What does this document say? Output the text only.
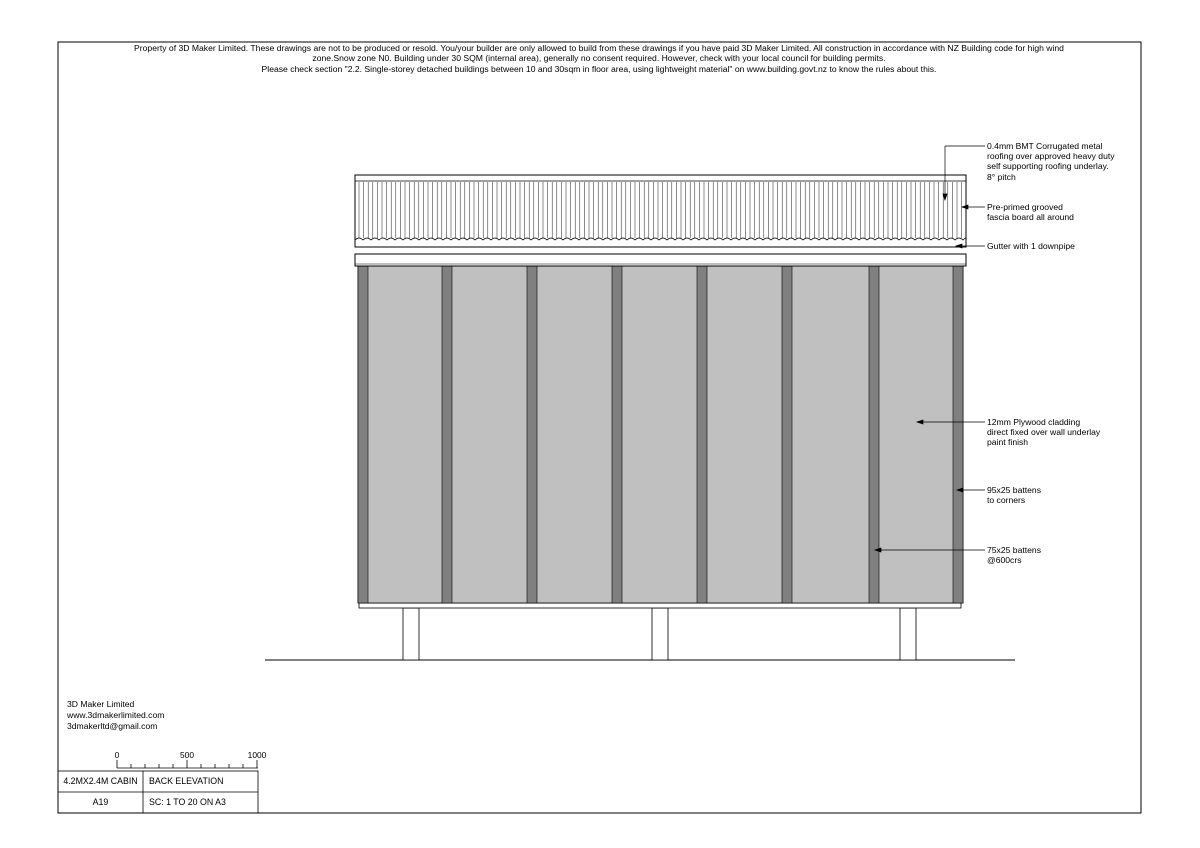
Property of 3D Maker Limited. These drawings are not to be produced or resold. You/your builder are only allowed to build from these drawings if you have paid 3D Maker Limited. All construction in accordance with NZ Building code for high wind
zone.Snow zone N0. Building under 30 SQM (internal area), generally no consent required. However, check with your local council for building permits.
Please check section "2.2. Single-storey detached buildings between 10 and 30sqm in floor area, using lightweight material" on www.building.govt.nz to know the rules about this.
0.4mm BMT Corrugated metal
roofing over approved heavy duty
self supporting roofing underlay.
8° pitch
Pre-primed grooved
fascia board all around
Gutter with 1 downpipe
12mm Plywood cladding
direct fixed over wall underlay
paint finish
95x25 battens
to corners
75x25 battens
@600crs
3D Maker Limited
www.3dmakerlimited.com
3dmakerltd@gmail.com
0	500	1000
4.2MX2.4M CABIN	BACK ELEVATION
A19	SC: 1 TO 20 ON A3
